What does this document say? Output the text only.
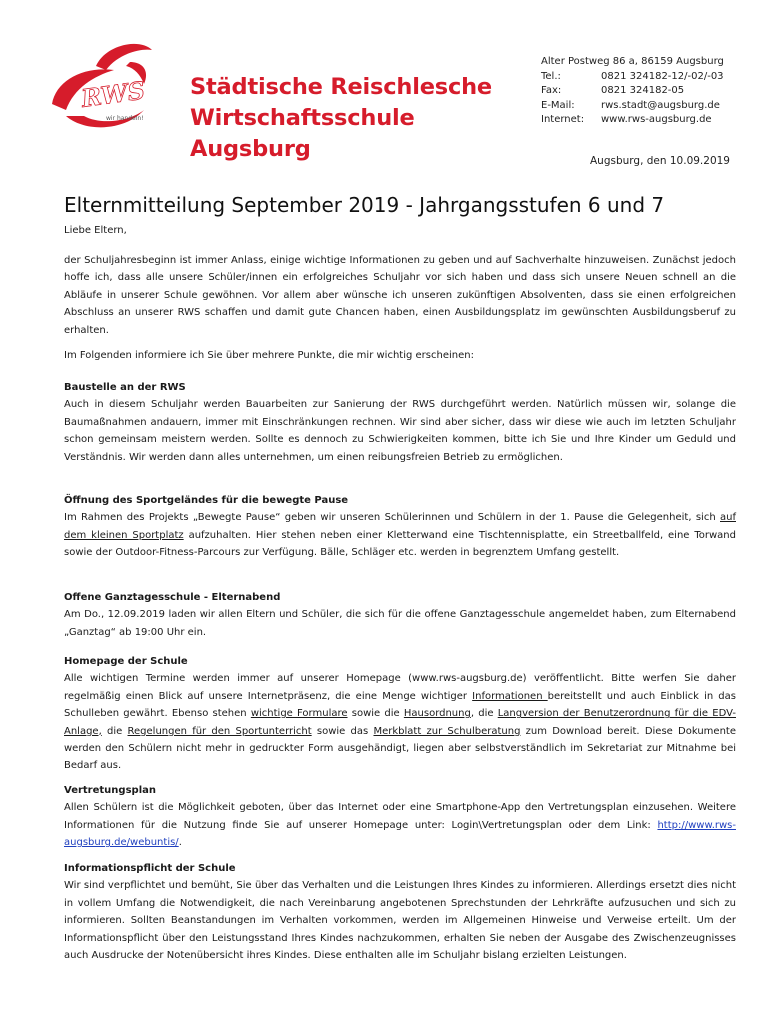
RWS
wir handeln!
Städtische Reischlesche
Wirtschaftsschule Augsburg
Alter Postweg 86 a, 86159 Augsburg
Tel.:	0821 324182-12/-02/-03
Fax:	0821 324182-05
E-Mail:	rws.stadt@augsburg.de
Internet:	www.rws-augsburg.de
Augsburg, den 10.09.2019
Elternmitteilung September 2019 - Jahrgangsstufen 6 und 7
Liebe Eltern,
der Schuljahresbeginn ist immer Anlass, einige wichtige Informationen zu geben und auf Sachverhalte hinzuweisen. Zunächst jedoch hoffe ich, dass alle unsere Schüler/innen ein erfolgreiches Schuljahr vor sich haben und dass sich unsere Neuen schnell an die Abläufe in unserer Schule gewöhnen. Vor allem aber wünsche ich unseren zukünftigen Absolventen, dass sie einen erfolgreichen Abschluss an unserer RWS schaffen und damit gute Chancen haben, einen Ausbildungsplatz im gewünschten Ausbildungsberuf zu erhalten.
Im Folgenden informiere ich Sie über mehrere Punkte, die mir wichtig erscheinen:
Baustelle an der RWS

Auch in diesem Schuljahr werden Bauarbeiten zur Sanierung der RWS durchgeführt werden. Natürlich müssen wir, solange die Baumaßnahmen andauern, immer mit Einschränkungen rechnen. Wir sind aber sicher, dass wir diese wie auch im letzten Schuljahr schon gemeinsam meistern werden. Sollte es dennoch zu Schwierigkeiten kommen, bitte ich Sie und Ihre Kinder um Geduld und Verständnis. Wir werden dann alles unternehmen, um einen reibungsfreien Betrieb zu ermöglichen.

Öffnung des Sportgeländes für die bewegte Pause

Im Rahmen des Projekts „Bewegte Pause“ geben wir unseren Schülerinnen und Schülern in der 1. Pause die Gelegenheit, sich auf dem kleinen Sportplatz aufzuhalten. Hier stehen neben einer Kletterwand eine Tischtennisplatte, ein Streetballfeld, eine Torwand sowie der Outdoor-Fitness-Parcours zur Verfügung. Bälle, Schläger etc. werden in begrenztem Umfang gestellt.

Offene Ganztagesschule - Elternabend

Am Do., 12.09.2019 laden wir allen Eltern und Schüler, die sich für die offene Ganztagesschule angemeldet haben, zum Elternabend „Ganztag“ ab 19:00 Uhr ein.

Homepage der Schule

Alle wichtigen Termine werden immer auf unserer Homepage (www.rws-augsburg.de) veröffentlicht. Bitte werfen Sie daher regelmäßig einen Blick auf unsere Internetpräsenz, die eine Menge wichtiger Informationen bereitstellt und auch Einblick in das Schulleben gewährt. Ebenso stehen wichtige Formulare sowie die Hausordnung, die Langversion der Benutzerordnung für die EDV-Anlage, die Regelungen für den Sportunterricht sowie das Merkblatt zur Schulberatung zum Download bereit. Diese Dokumente werden den Schülern nicht mehr in gedruckter Form ausgehändigt, liegen aber selbstverständlich im Sekretariat zur Mitnahme bei Bedarf aus.

Vertretungsplan

Allen Schülern ist die Möglichkeit geboten, über das Internet oder eine Smartphone-App den Vertretungsplan einzusehen. Weitere Informationen für die Nutzung finde Sie auf unserer Homepage unter: Login\Vertretungsplan oder dem Link: http://www.rws-augsburg.de/webuntis/.

Informationspflicht der Schule

Wir sind verpflichtet und bemüht, Sie über das Verhalten und die Leistungen Ihres Kindes zu informieren. Allerdings ersetzt dies nicht in vollem Umfang die Notwendigkeit, die nach Vereinbarung angebotenen Sprechstunden der Lehrkräfte aufzusuchen und sich zu informieren. Sollten Beanstandungen im Verhalten vorkommen, werden im Allgemeinen Hinweise und Verweise erteilt. Um der Informationspflicht über den Leistungsstand Ihres Kindes nachzukommen, erhalten Sie neben der Ausgabe des Zwischenzeugnisses auch Ausdrucke der Notenübersicht ihres Kindes. Diese enthalten alle im Schuljahr bislang erzielten Leistungen.
